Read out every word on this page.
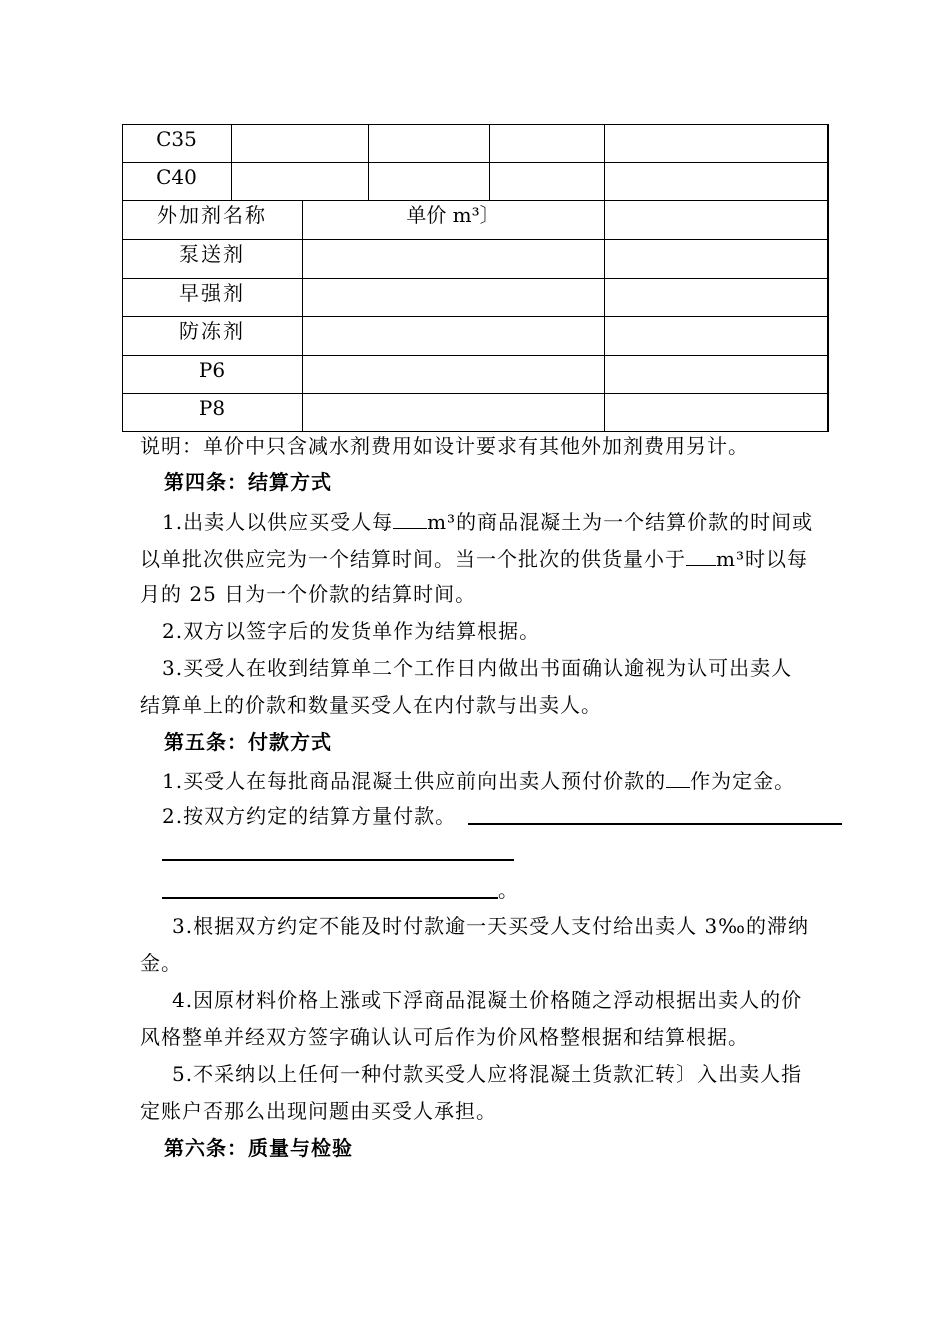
C35
C40
外加剂名称	单价 m³〕
泵送剂
早强剂
防冻剂
P6
P8
说明：单价中只含减水剂费用如设计要求有其他外加剂费用另计。
第四条：结算方式
1.出卖人以供应买受人每 m³的商品混凝土为一个结算价款的时间或
以单批次供应完为一个结算时间。当一个批次的供货量小于 m³时以每
月的 25 日为一个价款的结算时间。
2.双方以签字后的发货单作为结算根据。
3.买受人在收到结算单二个工作日内做出书面确认逾视为认可出卖人
结算单上的价款和数量买受人在内付款与出卖人。
第五条：付款方式
1.买受人在每批商品混凝土供应前向出卖人预付价款的 作为定金。
2.按双方约定的结算方量付款。
。
3.根据双方约定不能及时付款逾一天买受人支付给出卖人 3‰的滞纳
金。
4.因原材料价格上涨或下浮商品混凝土价格随之浮动根据出卖人的价
风格整单并经双方签字确认认可后作为价风格整根据和结算根据。
5.不采纳以上任何一种付款买受人应将混凝土货款汇转〕入出卖人指
定账户否那么出现问题由买受人承担。
第六条：质量与检验
